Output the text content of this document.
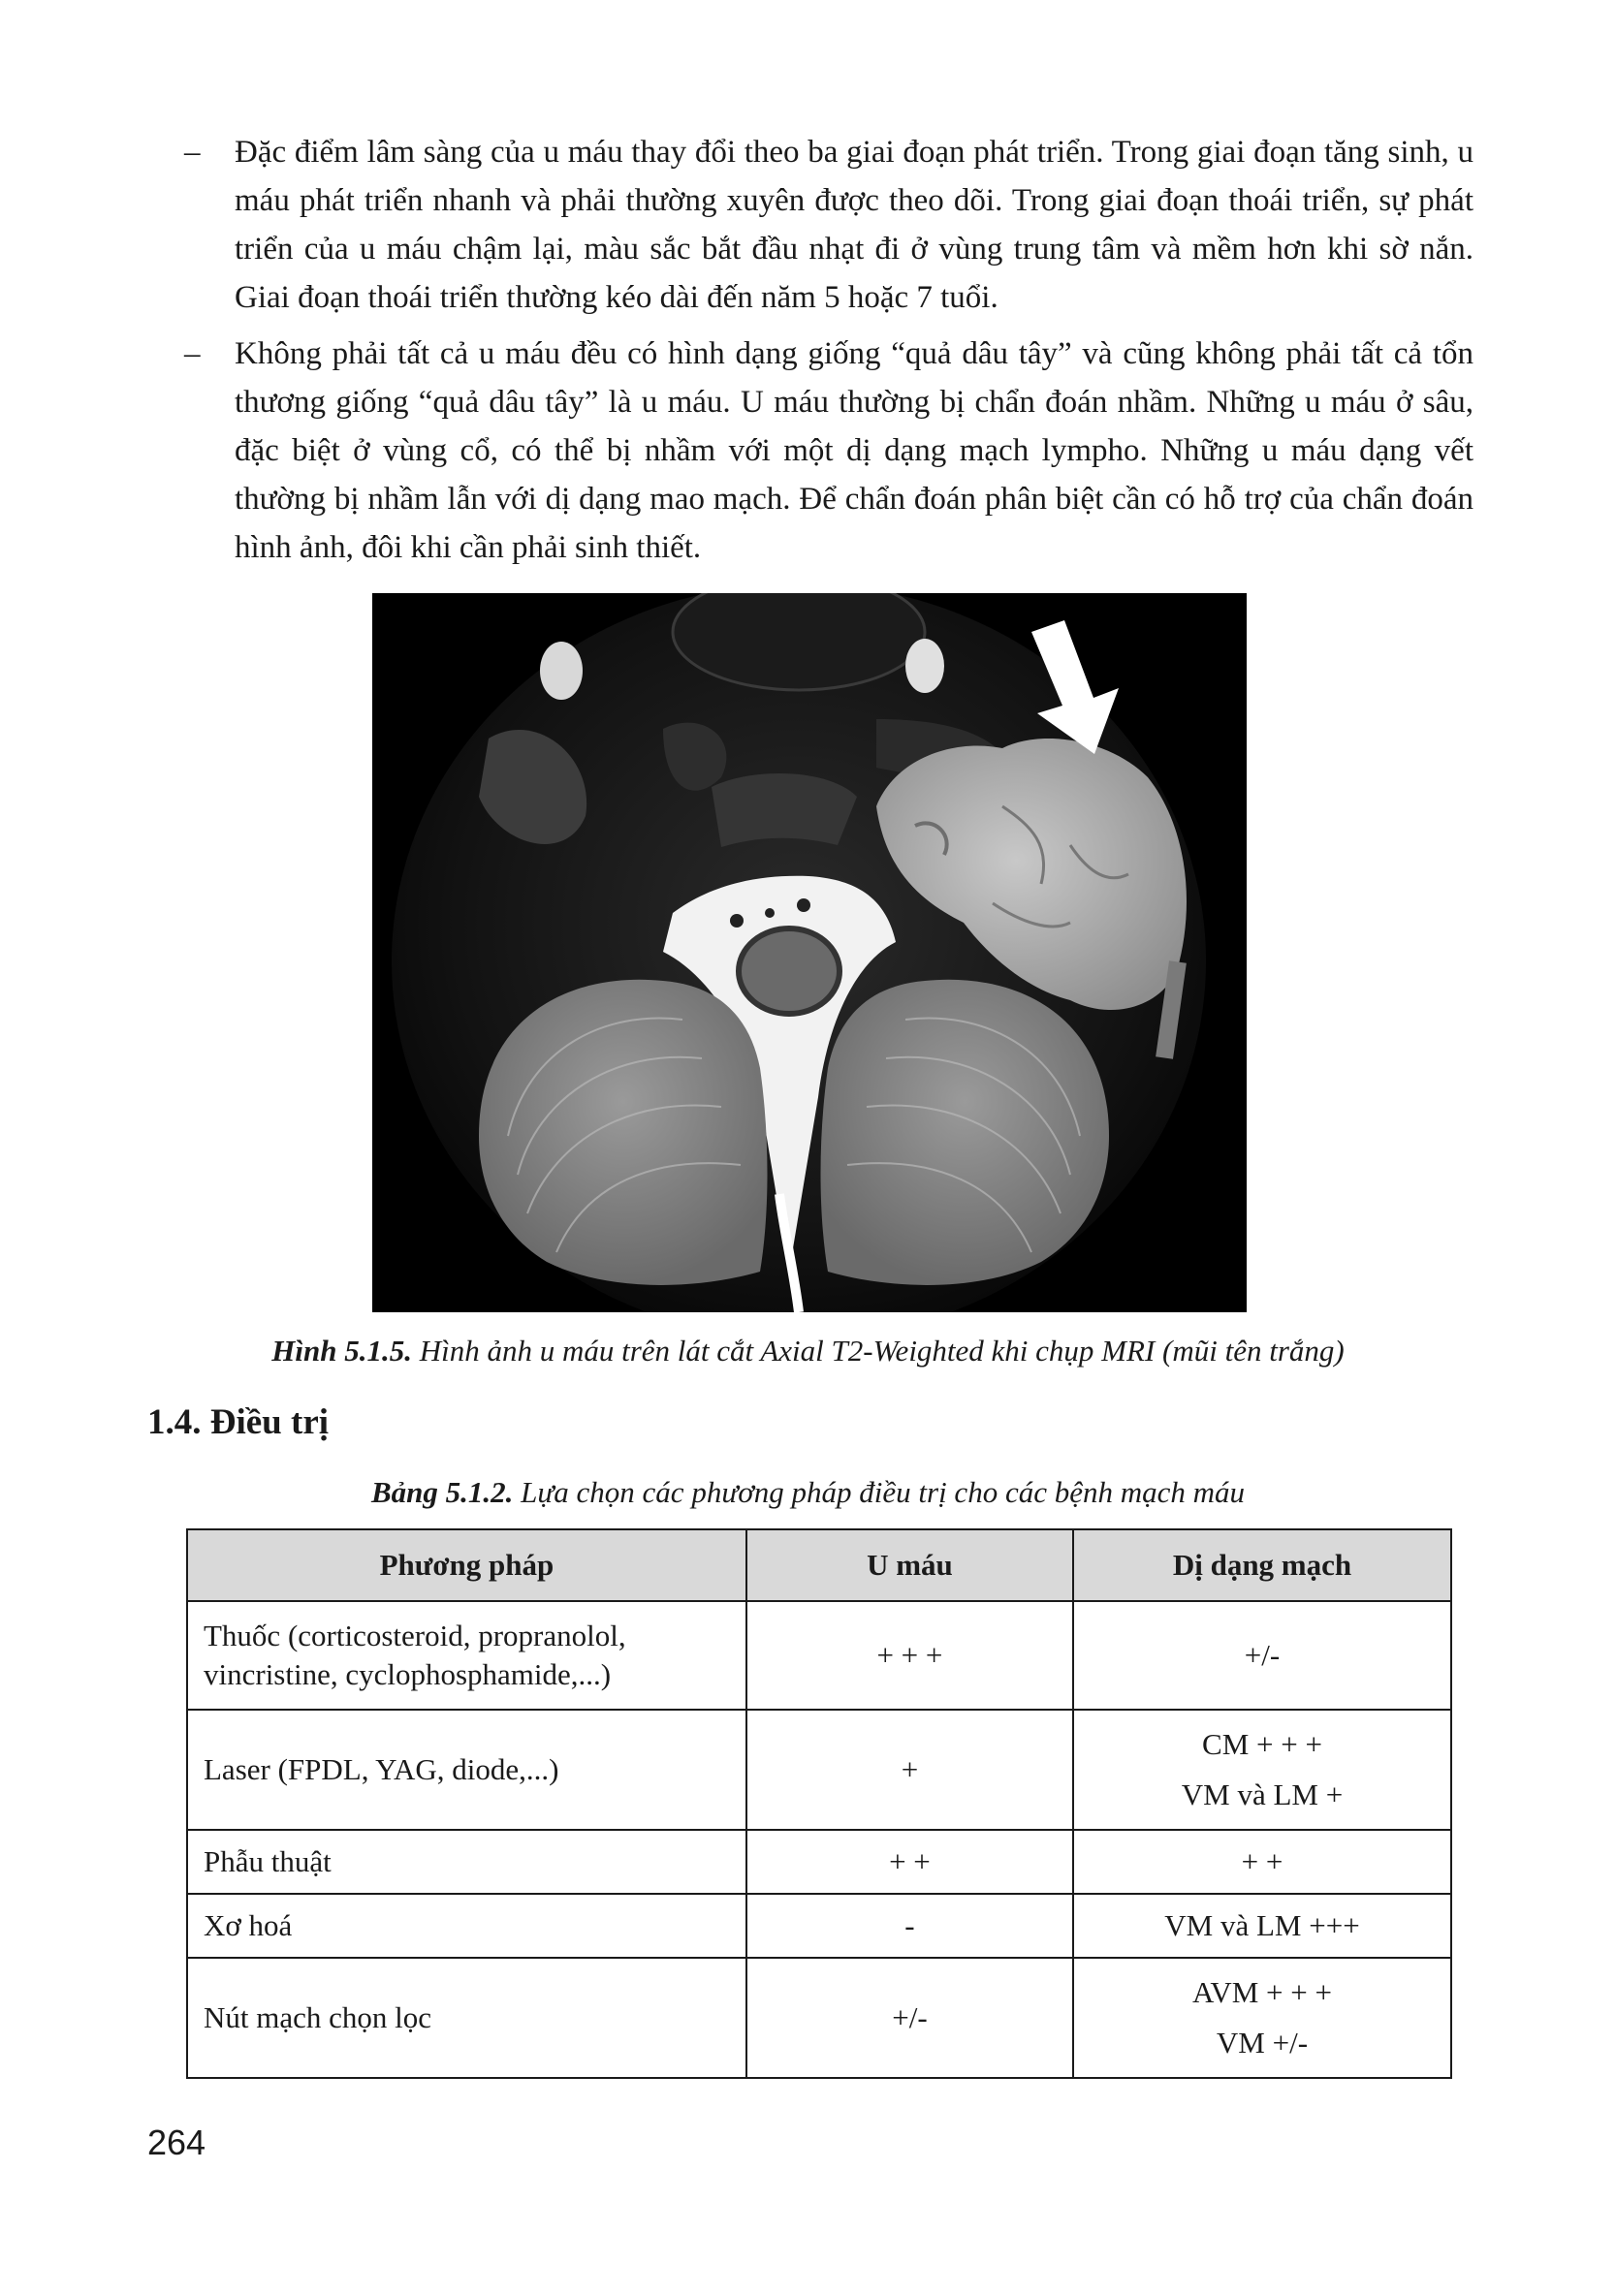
– Đặc điểm lâm sàng của u máu thay đổi theo ba giai đoạn phát triển. Trong giai đoạn tăng sinh, u máu phát triển nhanh và phải thường xuyên được theo dõi. Trong giai đoạn thoái triển, sự phát triển của u máu chậm lại, màu sắc bắt đầu nhạt đi ở vùng trung tâm và mềm hơn khi sờ nắn. Giai đoạn thoái triển thường kéo dài đến năm 5 hoặc 7 tuổi.
– Không phải tất cả u máu đều có hình dạng giống “quả dâu tây” và cũng không phải tất cả tổn thương giống “quả dâu tây” là u máu. U máu thường bị chẩn đoán nhầm. Những u máu ở sâu, đặc biệt ở vùng cổ, có thể bị nhầm với một dị dạng mạch lympho. Những u máu dạng vết thường bị nhầm lẫn với dị dạng mao mạch. Để chẩn đoán phân biệt cần có hỗ trợ của chẩn đoán hình ảnh, đôi khi cần phải sinh thiết.
Hình 5.1.5. Hình ảnh u máu trên lát cắt Axial T2-Weighted khi chụp MRI (mũi tên trắng)
1.4. Điều trị
Bảng 5.1.2. Lựa chọn các phương pháp điều trị cho các bệnh mạch máu
Phương pháp	U máu	Dị dạng mạch

Thuốc (corticosteroid, propranolol,
vincristine, cyclophosphamide,...)	+ + +	+/-

Laser (FPDL, YAG, diode,...)	+	CM + + +
VM và LM +

Phẫu thuật	+ +	+ +
Xơ hoá	-	VM và LM +++
Nút mạch chọn lọc	+/-	AVM + + +
VM +/-
264
